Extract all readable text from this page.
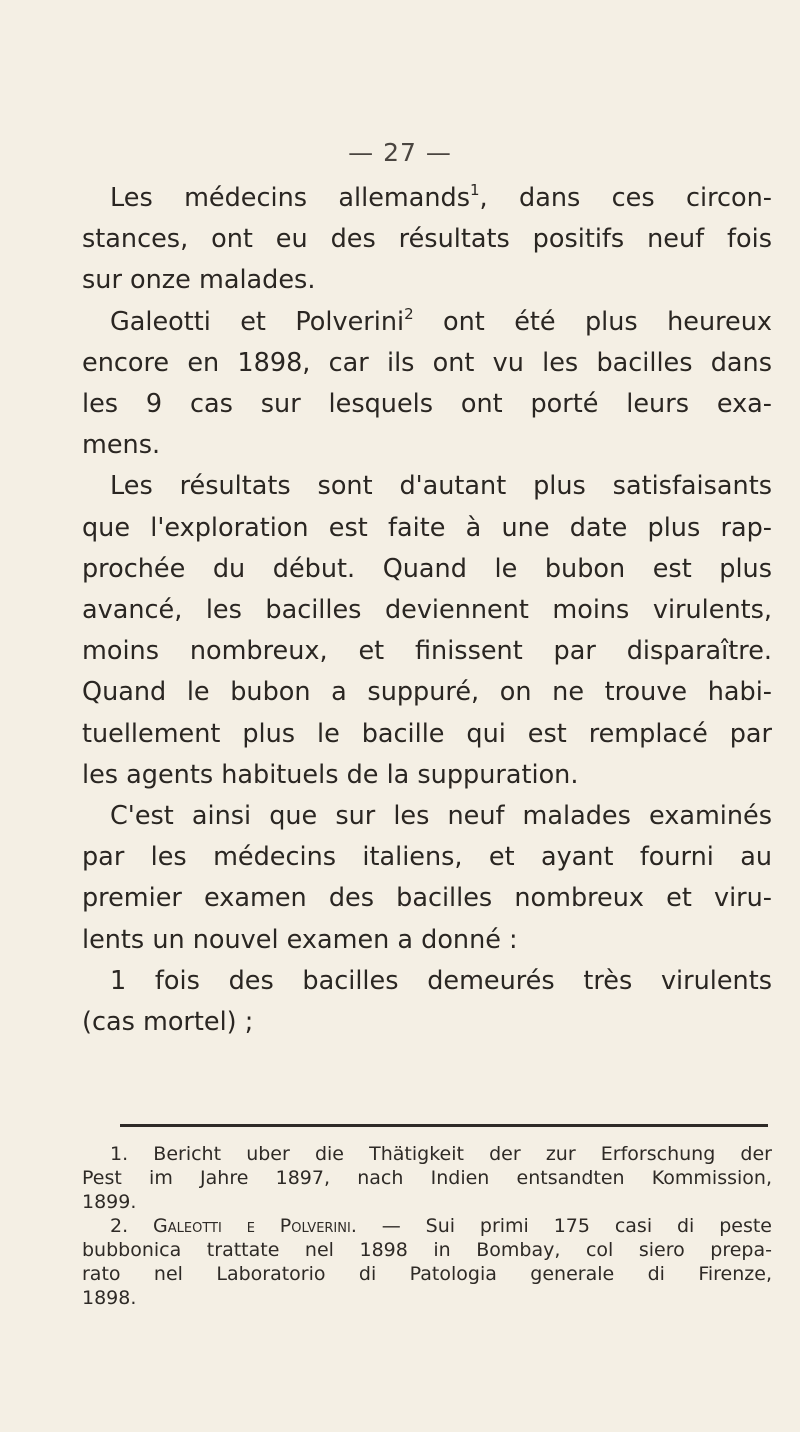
— 27 —
Les médecins allemands$^1$, dans ces circon-
stances, ont eu des résultats positifs neuf fois
sur onze malades.
Galeotti et Polverini$^2$ ont été plus heureux
encore en 1898, car ils ont vu les bacilles dans
les 9 cas sur lesquels ont porté leurs exa-
mens.
Les résultats sont d'autant plus satisfaisants
que l'exploration est faite à une date plus rap-
prochée du début. Quand le bubon est plus
avancé, les bacilles deviennent moins virulents,
moins nombreux, et finissent par disparaître.
Quand le bubon a suppuré, on ne trouve habi-
tuellement plus le bacille qui est remplacé par
les agents habituels de la suppuration.
C'est ainsi que sur les neuf malades examinés
par les médecins italiens, et ayant fourni au
premier examen des bacilles nombreux et viru-
lents un nouvel examen a donné :
1 fois des bacilles demeurés très virulents
(cas mortel) ;
1. Bericht uber die Thätigkeit der zur Erforschung der
Pest im Jahre 1897, nach Indien entsandten Kommission,
1899.
2. Galeotti e Polverini. — Sui primi 175 casi di peste
bubbonica trattate nel 1898 in Bombay, col siero prepa-
rato nel Laboratorio di Patologia generale di Firenze,
1898.
